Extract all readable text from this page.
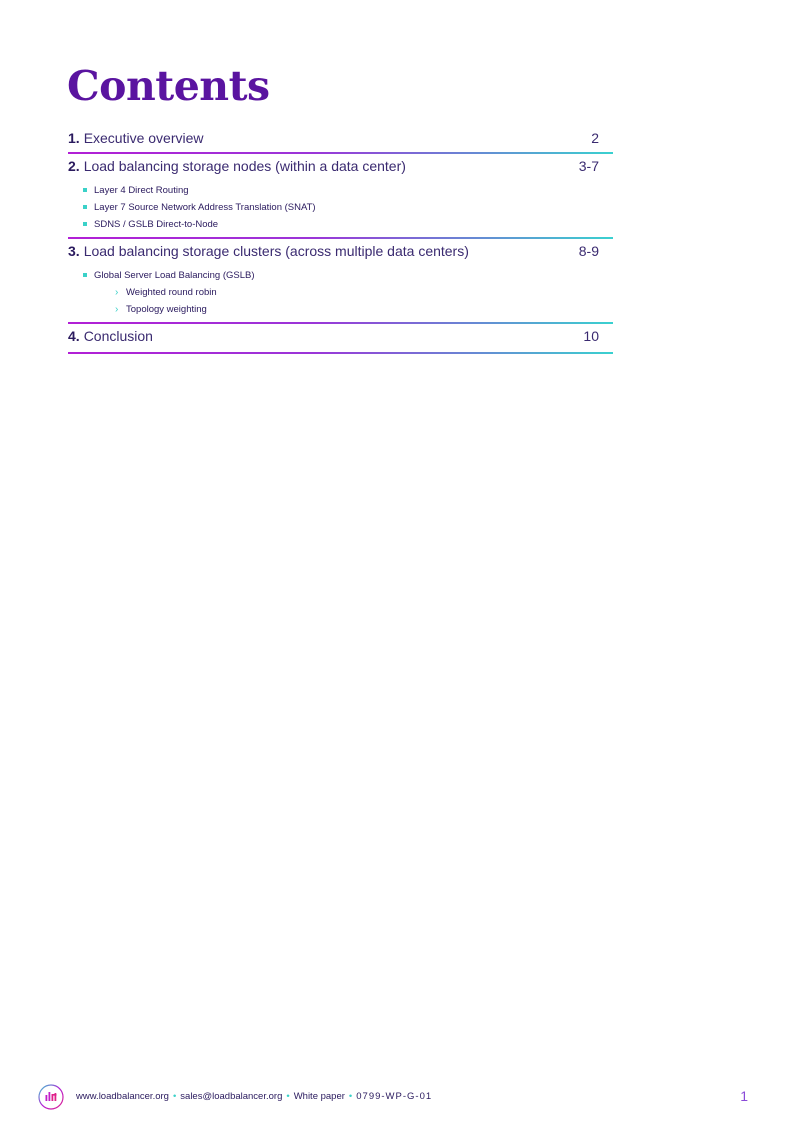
Contents
1. Executive overview	2
2. Load balancing storage nodes (within a data center)	3-7
Layer 4 Direct Routing
Layer 7 Source Network Address Translation (SNAT)
SDNS / GSLB Direct-to-Node
3. Load balancing storage clusters (across multiple data centers)	8-9
Global Server Load Balancing (GSLB)
› Weighted round robin
› Topology weighting
4. Conclusion	10
www.loadbalancer.org • sales@loadbalancer.org • White paper • 0799-WP-G-01	1
